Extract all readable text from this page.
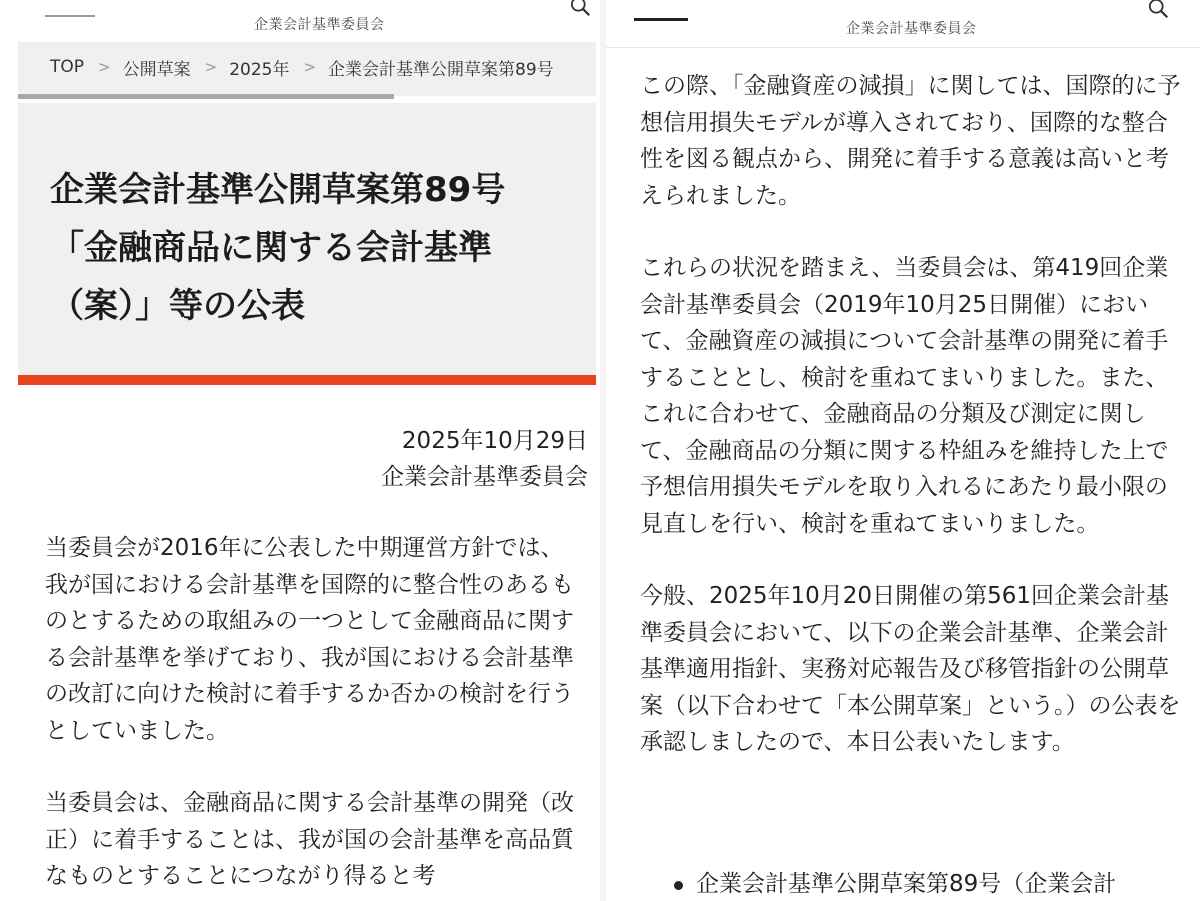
企業会計基準委員会
TOP > 公開草案 > 2025年 > 企業会計基準公開草案第89号
企業会計基準公開草案第89号
「金融商品に関する会計基準
（案）」等の公表
2025年10月29日
企業会計基準委員会

当委員会が2016年に公表した中期運営方針では、我が国における会計基準を国際的に整合性のあるものとするための取組みの一つとして金融商品に関する会計基準を挙げており、我が国における会計基準の改訂に向けた検討に着手するか否かの検討を行うとしていました。

当委員会は、金融商品に関する会計基準の開発（改正）に着手することは、我が国の会計基準を高品質なものとすることにつながり得ると考

企業会計基準委員会

この際、「金融資産の減損」に関しては、国際的に予想信用損失モデルが導入されており、国際的な整合性を図る観点から、開発に着手する意義は高いと考えられました。

これらの状況を踏まえ、当委員会は、第419回企業会計基準委員会（2019年10月25日開催）において、金融資産の減損について会計基準の開発に着手することとし、検討を重ねてまいりました。また、これに合わせて、金融商品の分類及び測定に関して、金融商品の分類に関する枠組みを維持した上で予想信用損失モデルを取り入れるにあたり最小限の見直しを行い、検討を重ねてまいりました。

今般、2025年10月20日開催の第561回企業会計基準委員会において、以下の企業会計基準、企業会計基準適用指針、実務対応報告及び移管指針の公開草案（以下合わせて「本公開草案」という。）の公表を承認しましたので、本日公表いたします。

企業会計基準公開草案第89号（企業会計
